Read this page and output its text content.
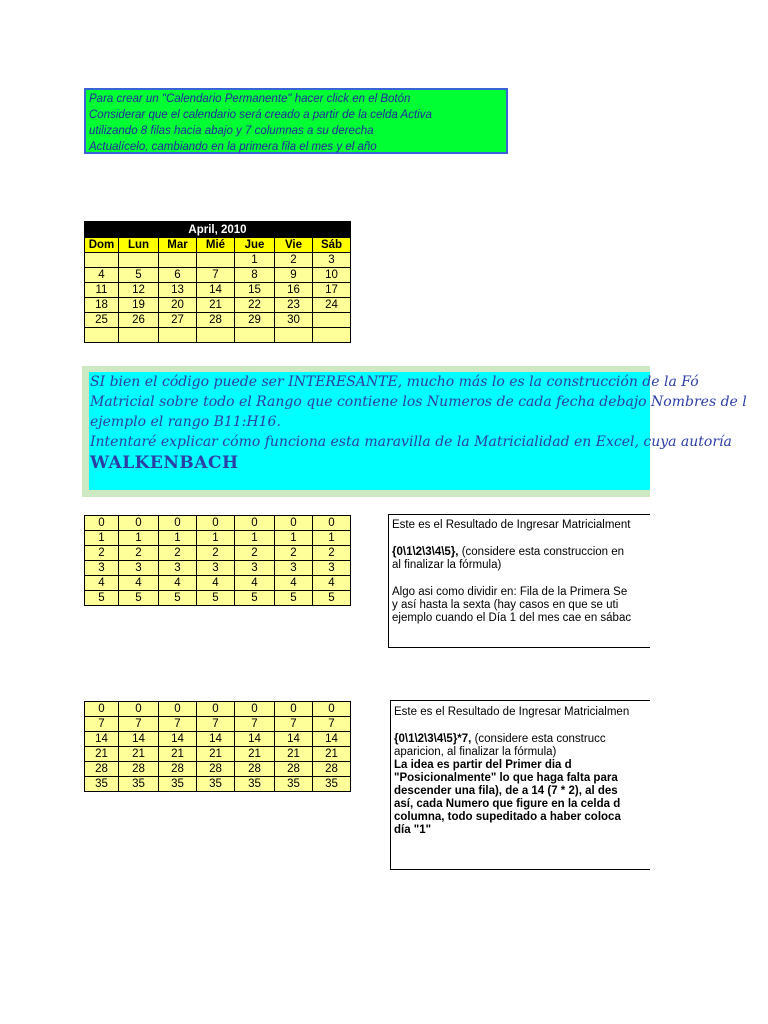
Para crear un "Calendario Permanente" hacer click en el Botón
Considerar que el calendario será creado a partir de la celda Activa
utilizando 8 filas hacia abajo y 7 columnas a su derecha
Actualícelo, cambiando en la primera fila el mes y el año
April, 2010						
Dom	Lun	Mar	Mié	Jue	Vie	Sáb
				1	2	3
4	5	6	7	8	9	10
11	12	13	14	15	16	17
18	19	20	21	22	23	24
25	26	27	28	29	30	

SI bien el código puede ser INTERESANTE, mucho más lo es la construcción de la Fó
Matricial sobre todo el Rango que contiene los Numeros de cada fecha debajo Nombres de l
ejemplo el rango B11:H16.
Intentaré explicar cómo funciona esta maravilla de la Matricialidad en Excel, cuya autoría
WALKENBACH
0	0	0	0	0	0	0
1	1	1	1	1	1	1
2	2	2	2	2	2	2
3	3	3	3	3	3	3
4	4	4	4	4	4	4
5	5	5	5	5	5	5
Este es el Resultado de Ingresar Matricialment
{0\1\2\3\4\5}, (considere esta construccion en
al finalizar la fórmula)
Algo asi como dividir en: Fila de la Primera Se
y así hasta la sexta (hay casos en que se uti
ejemplo cuando el Día 1 del mes cae en sábac
0	0	0	0	0	0	0
7	7	7	7	7	7	7
14	14	14	14	14	14	14
21	21	21	21	21	21	21
28	28	28	28	28	28	28
35	35	35	35	35	35	35
Este es el Resultado de Ingresar Matricialmen
{0\1\2\3\4\5}*7, (considere esta construcc
aparicion, al finalizar la fórmula)
La idea es partir del Primer dia d
"Posicionalmente" lo que haga falta para
descender una fila), de a 14 (7 * 2), al des
así, cada Numero que figure en la celda d
columna, todo supeditado a haber coloca
día "1"
